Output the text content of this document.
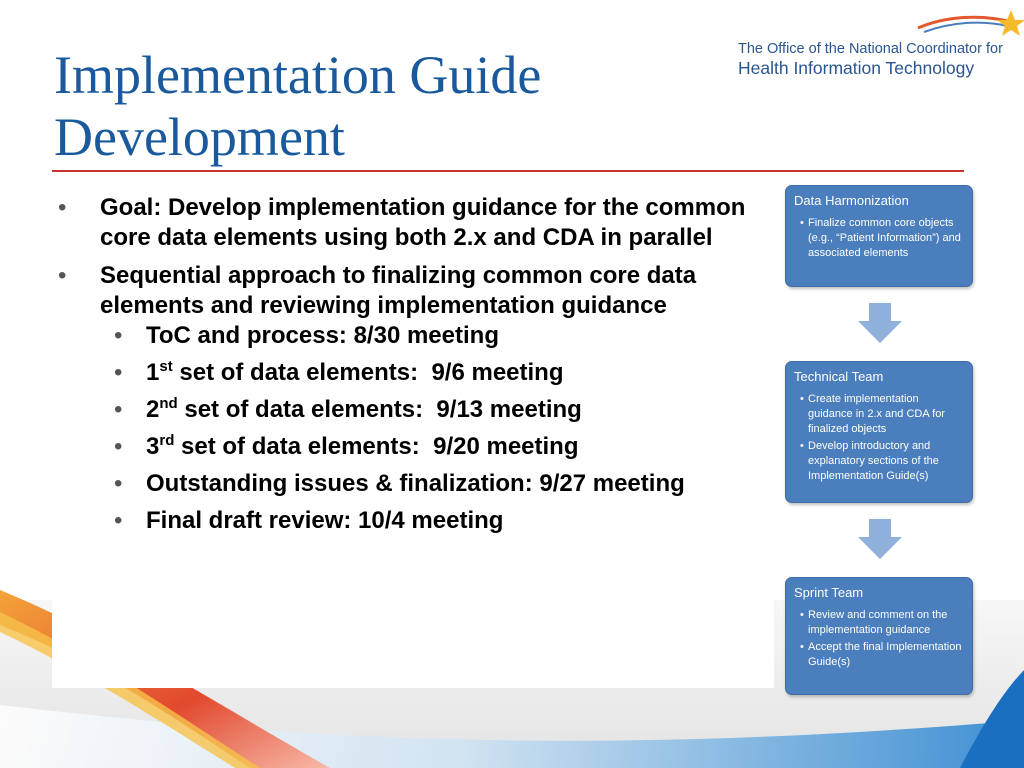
The Office of the National Coordinator for
Health Information Technology
Implementation Guide Development
• Goal: Develop implementation guidance for the common core data elements using both 2.x and CDA in parallel
• Sequential approach to finalizing common core data elements and reviewing implementation guidance
• ToC and process: 8/30 meeting
• 1st set of data elements:  9/6 meeting
• 2nd set of data elements:  9/13 meeting
• 3rd set of data elements:  9/20 meeting
• Outstanding issues & finalization: 9/27 meeting
• Final draft review: 10/4 meeting
Data Harmonization
• Finalize common core objects (e.g., “Patient Information”) and associated elements
Technical Team
• Create implementation guidance in 2.x and CDA for finalized objects
• Develop introductory and explanatory sections of the Implementation Guide(s)
Sprint Team
• Review and comment on the implementation guidance
• Accept the final Implementation Guide(s)
